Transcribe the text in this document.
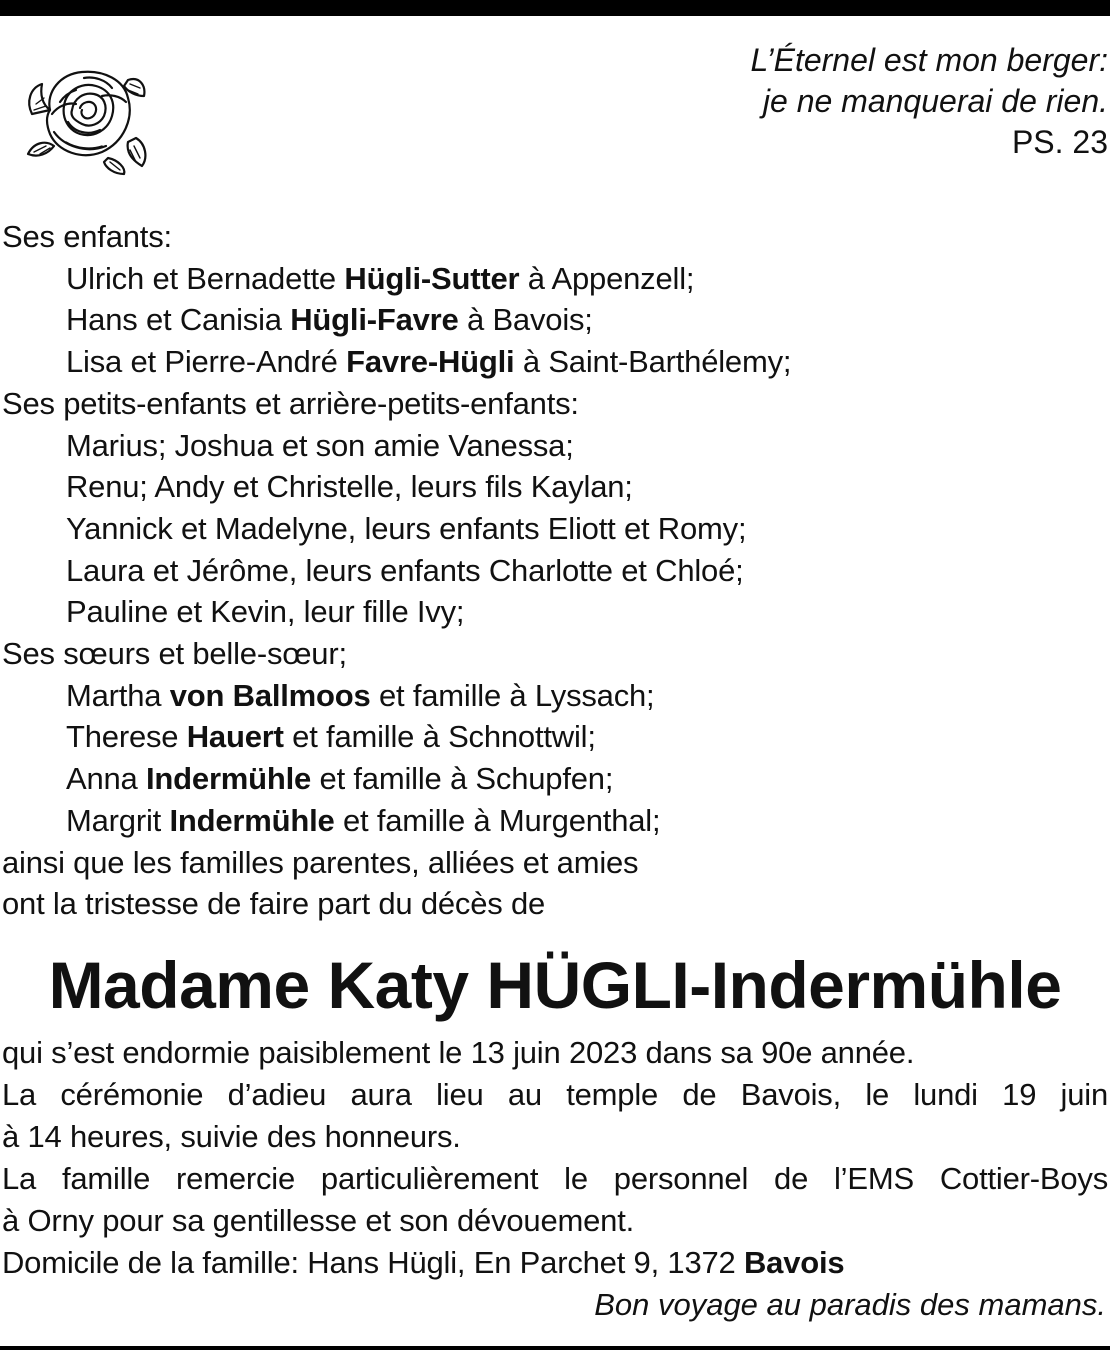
L’Éternel est mon berger:
je ne manquerai de rien.
PS. 23
Ses enfants:
Ulrich et Bernadette Hügli-Sutter à Appenzell;
Hans et Canisia Hügli-Favre à Bavois;
Lisa et Pierre-André Favre-Hügli à Saint-Barthélemy;
Ses petits-enfants et arrière-petits-enfants:
Marius; Joshua et son amie Vanessa;
Renu; Andy et Christelle, leurs fils Kaylan;
Yannick et Madelyne, leurs enfants Eliott et Romy;
Laura et Jérôme, leurs enfants Charlotte et Chloé;
Pauline et Kevin, leur fille Ivy;
Ses sœurs et belle-sœur;
Martha von Ballmoos et famille à Lyssach;
Therese Hauert et famille à Schnottwil;
Anna Indermühle et famille à Schupfen;
Margrit Indermühle et famille à Murgenthal;
ainsi que les familles parentes, alliées et amies
ont la tristesse de faire part du décès de
Madame Katy HÜGLI-Indermühle
qui s’est endormie paisiblement le 13 juin 2023 dans sa 90e année.
La cérémonie d’adieu aura lieu au temple de Bavois, le lundi 19 juin
à 14 heures, suivie des honneurs.
La famille remercie particulièrement le personnel de l’EMS Cottier-Boys
à Orny pour sa gentillesse et son dévouement.
Domicile de la famille: Hans Hügli, En Parchet 9, 1372 Bavois
Bon voyage au paradis des mamans.
